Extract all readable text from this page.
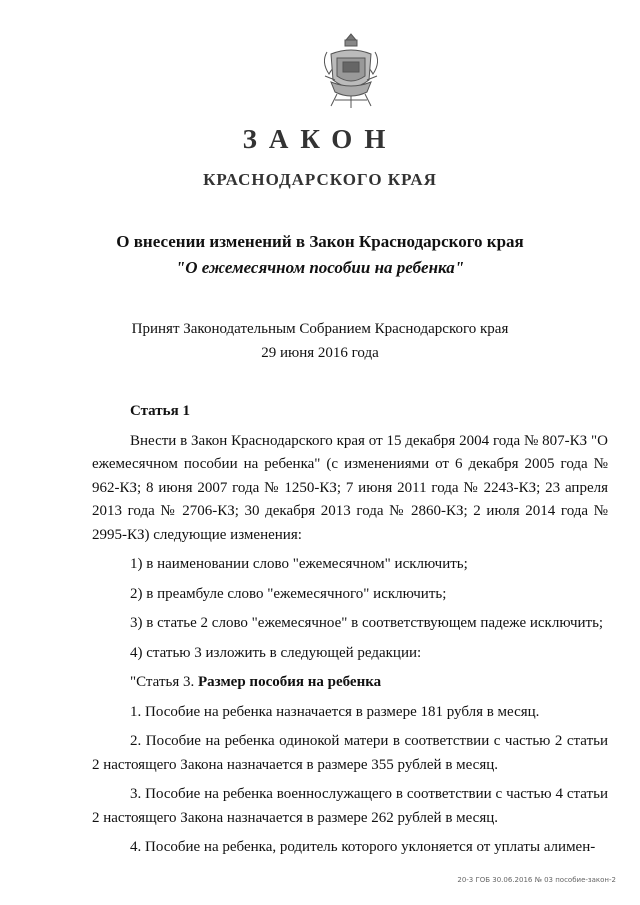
ЗАКОН
КРАСНОДАРСКОГО КРАЯ
О внесении изменений в Закон Краснодарского края
"О ежемесячном пособии на ребенка"
Принят Законодательным Собранием Краснодарского края
29 июня 2016 года

Статья 1

Внести в Закон Краснодарского края от 15 декабря 2004 года № 807-КЗ "О ежемесячном пособии на ребенка" (с изменениями от 6 декабря 2005 года № 962-КЗ; 8 июня 2007 года № 1250-КЗ; 7 июня 2011 года № 2243-КЗ; 23 апреля 2013 года № 2706-КЗ; 30 декабря 2013 года № 2860-КЗ; 2 июля 2014 года № 2995-КЗ) следующие изменения:

1) в наименовании слово "ежемесячном" исключить;

2) в преамбуле слово "ежемесячного" исключить;

3) в статье 2 слово "ежемесячное" в соответствующем падеже исключить;

4) статью 3 изложить в следующей редакции:

"Статья 3. Размер пособия на ребенка

1. Пособие на ребенка назначается в размере 181 рубля в месяц.

2. Пособие на ребенка одинокой матери в соответствии с частью 2 статьи 2 настоящего Закона назначается в размере 355 рублей в месяц.

3. Пособие на ребенка военнослужащего в соответствии с частью 4 статьи 2 настоящего Закона назначается в размере 262 рублей в месяц.

4. Пособие на ребенка, родитель которого уклоняется от уплаты алимен-

20-3 ГОБ 30.06.2016 № 03 пособие-закон-2
